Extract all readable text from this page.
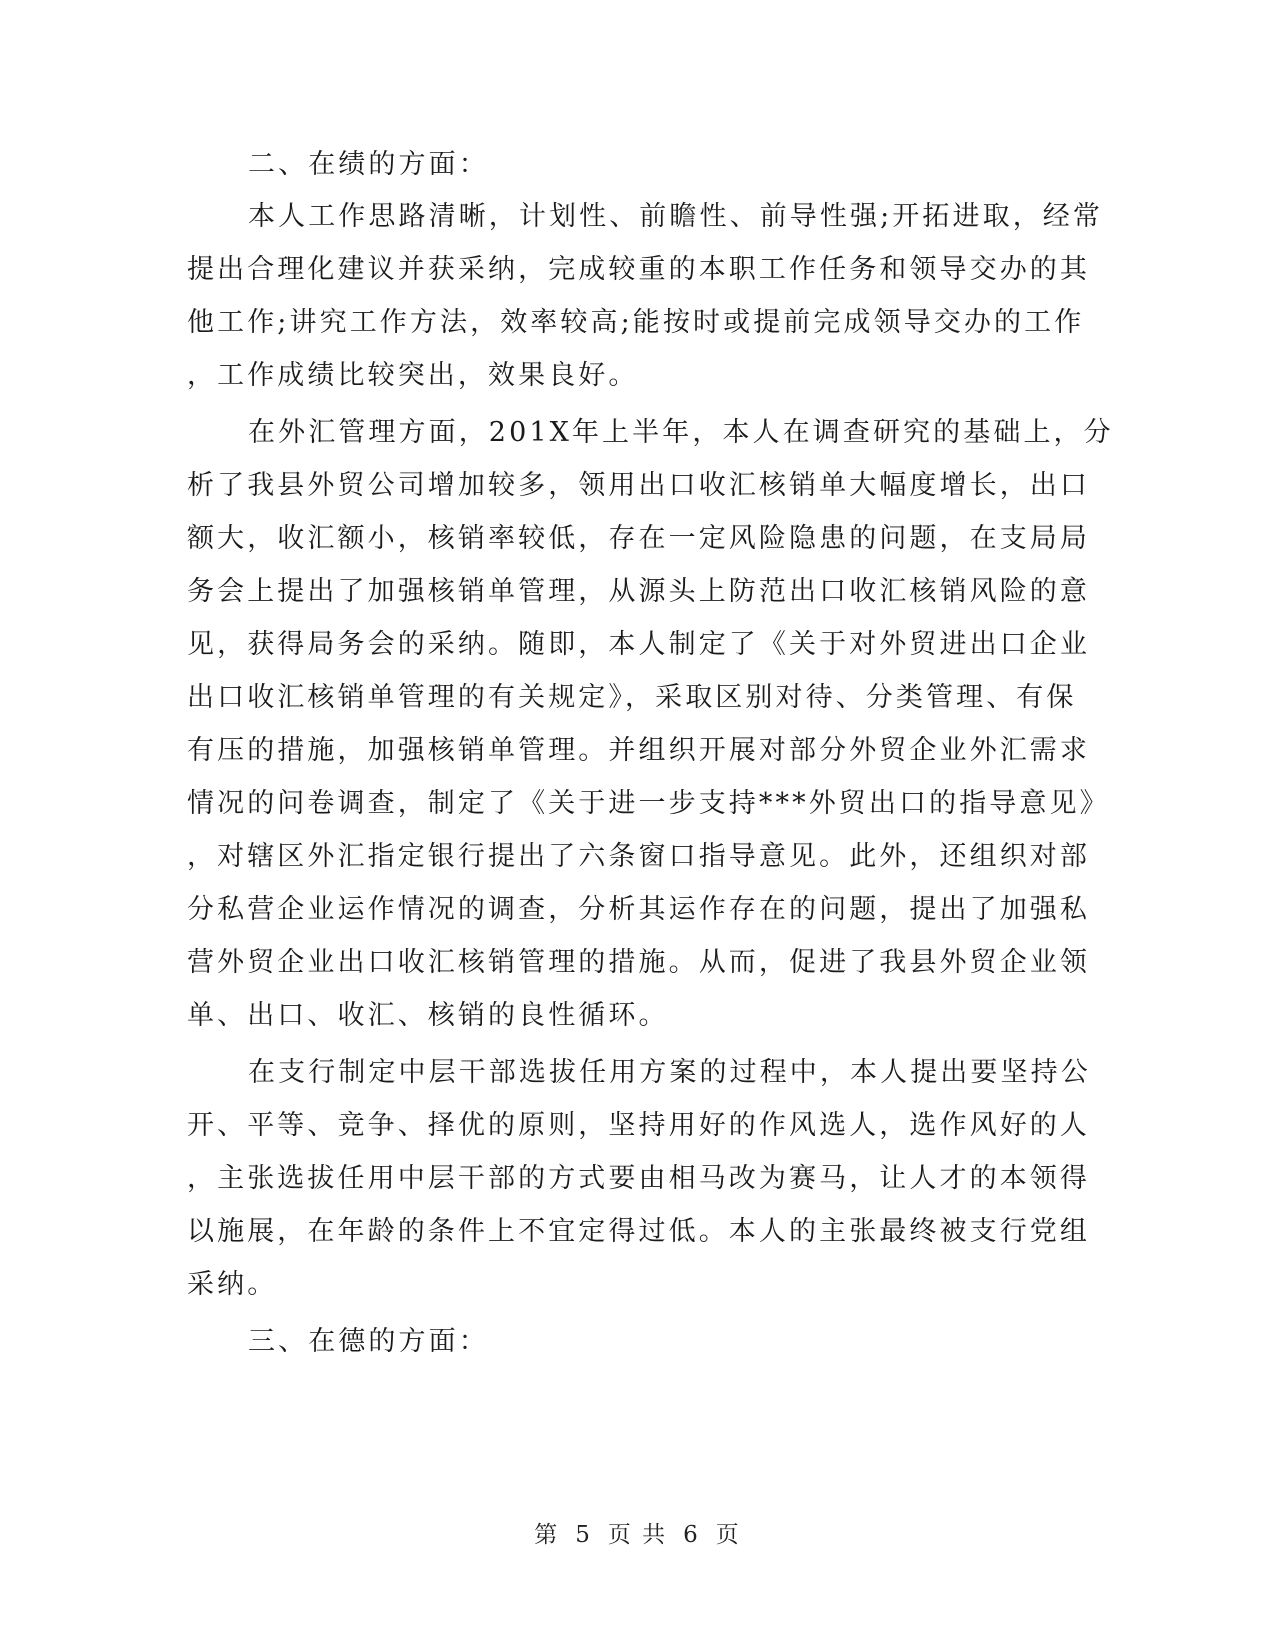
二、在绩的方面：
本人工作思路清晰，计划性、前瞻性、前导性强;开拓进取，经常
提出合理化建议并获采纳，完成较重的本职工作任务和领导交办的其
他工作;讲究工作方法，效率较高;能按时或提前完成领导交办的工作
，工作成绩比较突出，效果良好。
在外汇管理方面，201X年上半年，本人在调查研究的基础上，分
析了我县外贸公司增加较多，领用出口收汇核销单大幅度增长，出口
额大，收汇额小，核销率较低，存在一定风险隐患的问题，在支局局
务会上提出了加强核销单管理，从源头上防范出口收汇核销风险的意
见，获得局务会的采纳。随即，本人制定了《关于对外贸进出口企业
出口收汇核销单管理的有关规定》，采取区别对待、分类管理、有保
有压的措施，加强核销单管理。并组织开展对部分外贸企业外汇需求
情况的问卷调查，制定了《关于进一步支持***外贸出口的指导意见》
，对辖区外汇指定银行提出了六条窗口指导意见。此外，还组织对部
分私营企业运作情况的调查，分析其运作存在的问题，提出了加强私
营外贸企业出口收汇核销管理的措施。从而，促进了我县外贸企业领
单、出口、收汇、核销的良性循环。
在支行制定中层干部选拔任用方案的过程中，本人提出要坚持公
开、平等、竞争、择优的原则，坚持用好的作风选人，选作风好的人
，主张选拔任用中层干部的方式要由相马改为赛马，让人才的本领得
以施展，在年龄的条件上不宜定得过低。本人的主张最终被支行党组
采纳。
三、在德的方面：
第 5 页 共 6 页
